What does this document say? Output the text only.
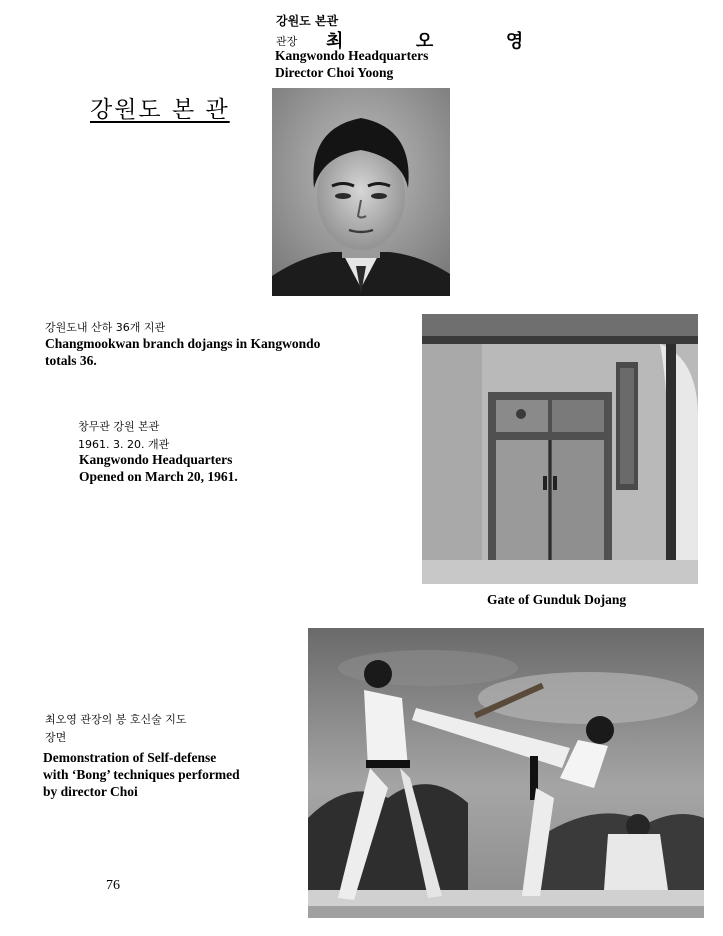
강원도 본관
관장 최  오  영
Kangwondo Headquarters
Director Choi Yoong
강원도 본 관
강원도내 산하 36개 지관
Changmookwan branch dojangs in Kangwondo
totals 36.
창무관 강원 본관
1961. 3. 20. 개관
Kangwondo Headquarters
Opened on March 20, 1961.
Gate of Gunduk Dojang
최오영 관장의 봉 호신술 지도
장면
Demonstration of Self-defense
with ‘Bong’ techniques performed
by director Choi
76
